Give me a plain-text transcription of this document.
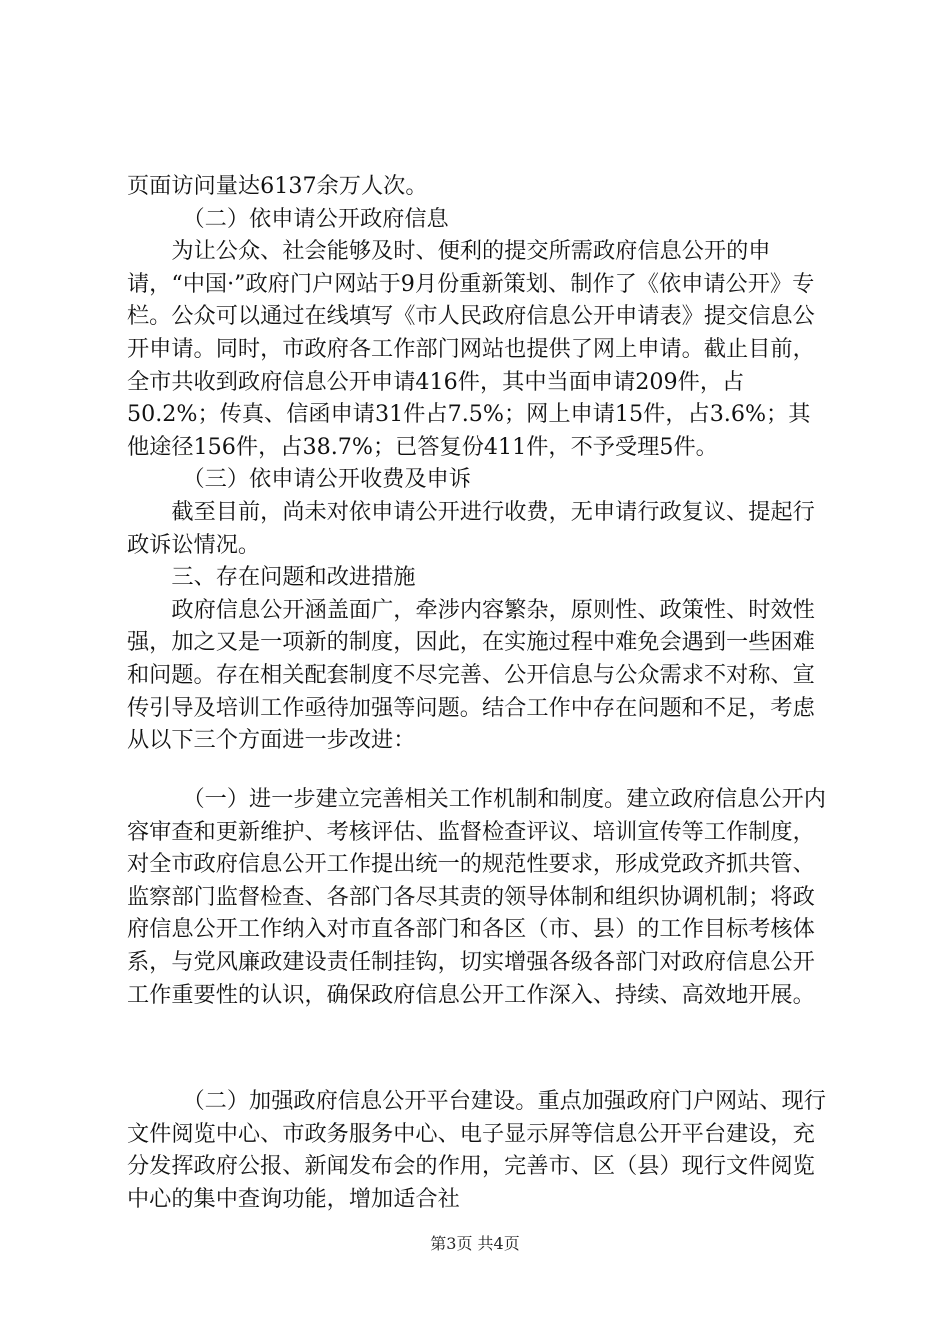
页面访问量达6137余万人次。

（二）依申请公开政府信息

为让公众、社会能够及时、便利的提交所需政府信息公开的申请，“中国·”政府门户网站于9月份重新策划、制作了《依申请公开》专栏。公众可以通过在线填写《市人民政府信息公开申请表》提交信息公开申请。同时，市政府各工作部门网站也提供了网上申请。截止目前，全市共收到政府信息公开申请416件，其中当面申请209件，占50.2%；传真、信函申请31件占7.5%；网上申请15件，占3.6%；其他途径156件，占38.7%；已答复份411件，不予受理5件。

（三）依申请公开收费及申诉

截至目前，尚未对依申请公开进行收费，无申请行政复议、提起行政诉讼情况。

三、存在问题和改进措施

政府信息公开涵盖面广，牵涉内容繁杂，原则性、政策性、时效性强，加之又是一项新的制度，因此，在实施过程中难免会遇到一些困难和问题。存在相关配套制度不尽完善、公开信息与公众需求不对称、宣传引导及培训工作亟待加强等问题。结合工作中存在问题和不足，考虑从以下三个方面进一步改进：

（一）进一步建立完善相关工作机制和制度。建立政府信息公开内容审查和更新维护、考核评估、监督检查评议、培训宣传等工作制度，对全市政府信息公开工作提出统一的规范性要求，形成党政齐抓共管、监察部门监督检查、各部门各尽其责的领导体制和组织协调机制；将政府信息公开工作纳入对市直各部门和各区（市、县）的工作目标考核体系，与党风廉政建设责任制挂钩，切实增强各级各部门对政府信息公开工作重要性的认识，确保政府信息公开工作深入、持续、高效地开展。

（二）加强政府信息公开平台建设。重点加强政府门户网站、现行文件阅览中心、市政务服务中心、电子显示屏等信息公开平台建设，充分发挥政府公报、新闻发布会的作用，完善市、区（县）现行文件阅览中心的集中查询功能，增加适合社

第3页 共4页
